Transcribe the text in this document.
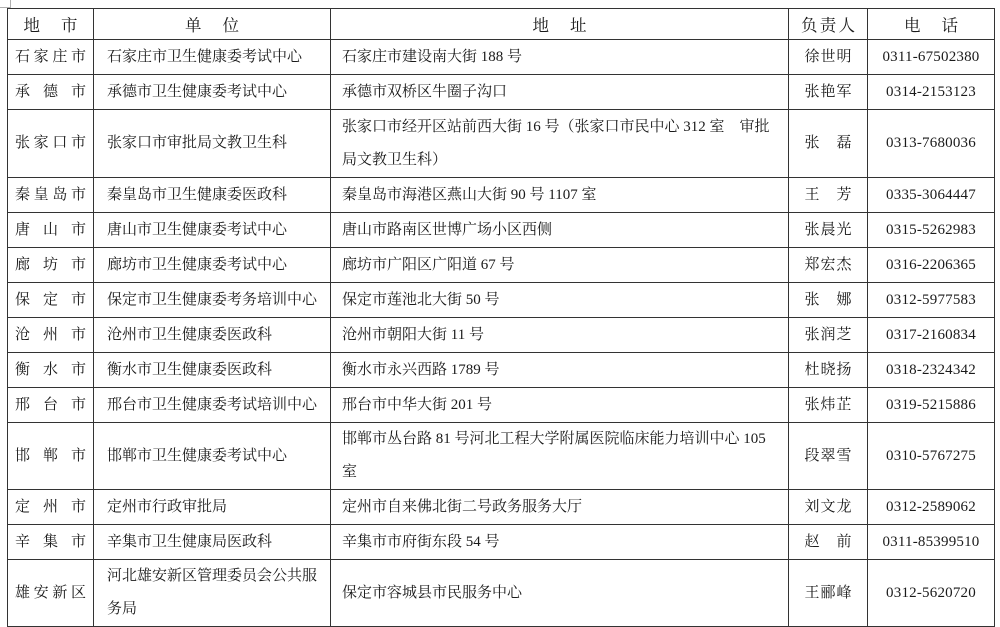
地市	单位	地址	负责人	电话
石家庄市	石家庄市卫生健康委考试中心	石家庄市建设南大街 188 号	徐世明	0311-67502380
承德市	承德市卫生健康委考试中心	承德市双桥区牛圈子沟口	张艳军	0314-2153123
张家口市	张家口市审批局文教卫生科	张家口市经开区站前西大街 16 号（张家口市民中心 312 室　审批局文教卫生科）	张磊	0313-7680036
秦皇岛市	秦皇岛市卫生健康委医政科	秦皇岛市海港区燕山大街 90 号 1107 室	王芳	0335-3064447
唐山市	唐山市卫生健康委考试中心	唐山市路南区世博广场小区西侧	张晨光	0315-5262983
廊坊市	廊坊市卫生健康委考试中心	廊坊市广阳区广阳道 67 号	郑宏杰	0316-2206365
保定市	保定市卫生健康委考务培训中心	保定市莲池北大街 50 号	张娜	0312-5977583
沧州市	沧州市卫生健康委医政科	沧州市朝阳大街 11 号	张润芝	0317-2160834
衡水市	衡水市卫生健康委医政科	衡水市永兴西路 1789 号	杜晓扬	0318-2324342
邢台市	邢台市卫生健康委考试培训中心	邢台市中华大街 201 号	张炜芷	0319-5215886
邯郸市	邯郸市卫生健康委考试中心	邯郸市丛台路 81 号河北工程大学附属医院临床能力培训中心 105 室	段翠雪	0310-5767275
定州市	定州市行政审批局	定州市自来佛北街二号政务服务大厅	刘文龙	0312-2589062
辛集市	辛集市卫生健康局医政科	辛集市市府街东段 54 号	赵前	0311-85399510
雄安新区	河北雄安新区管理委员会公共服务局	保定市容城县市民服务中心	王郦峰	0312-5620720
